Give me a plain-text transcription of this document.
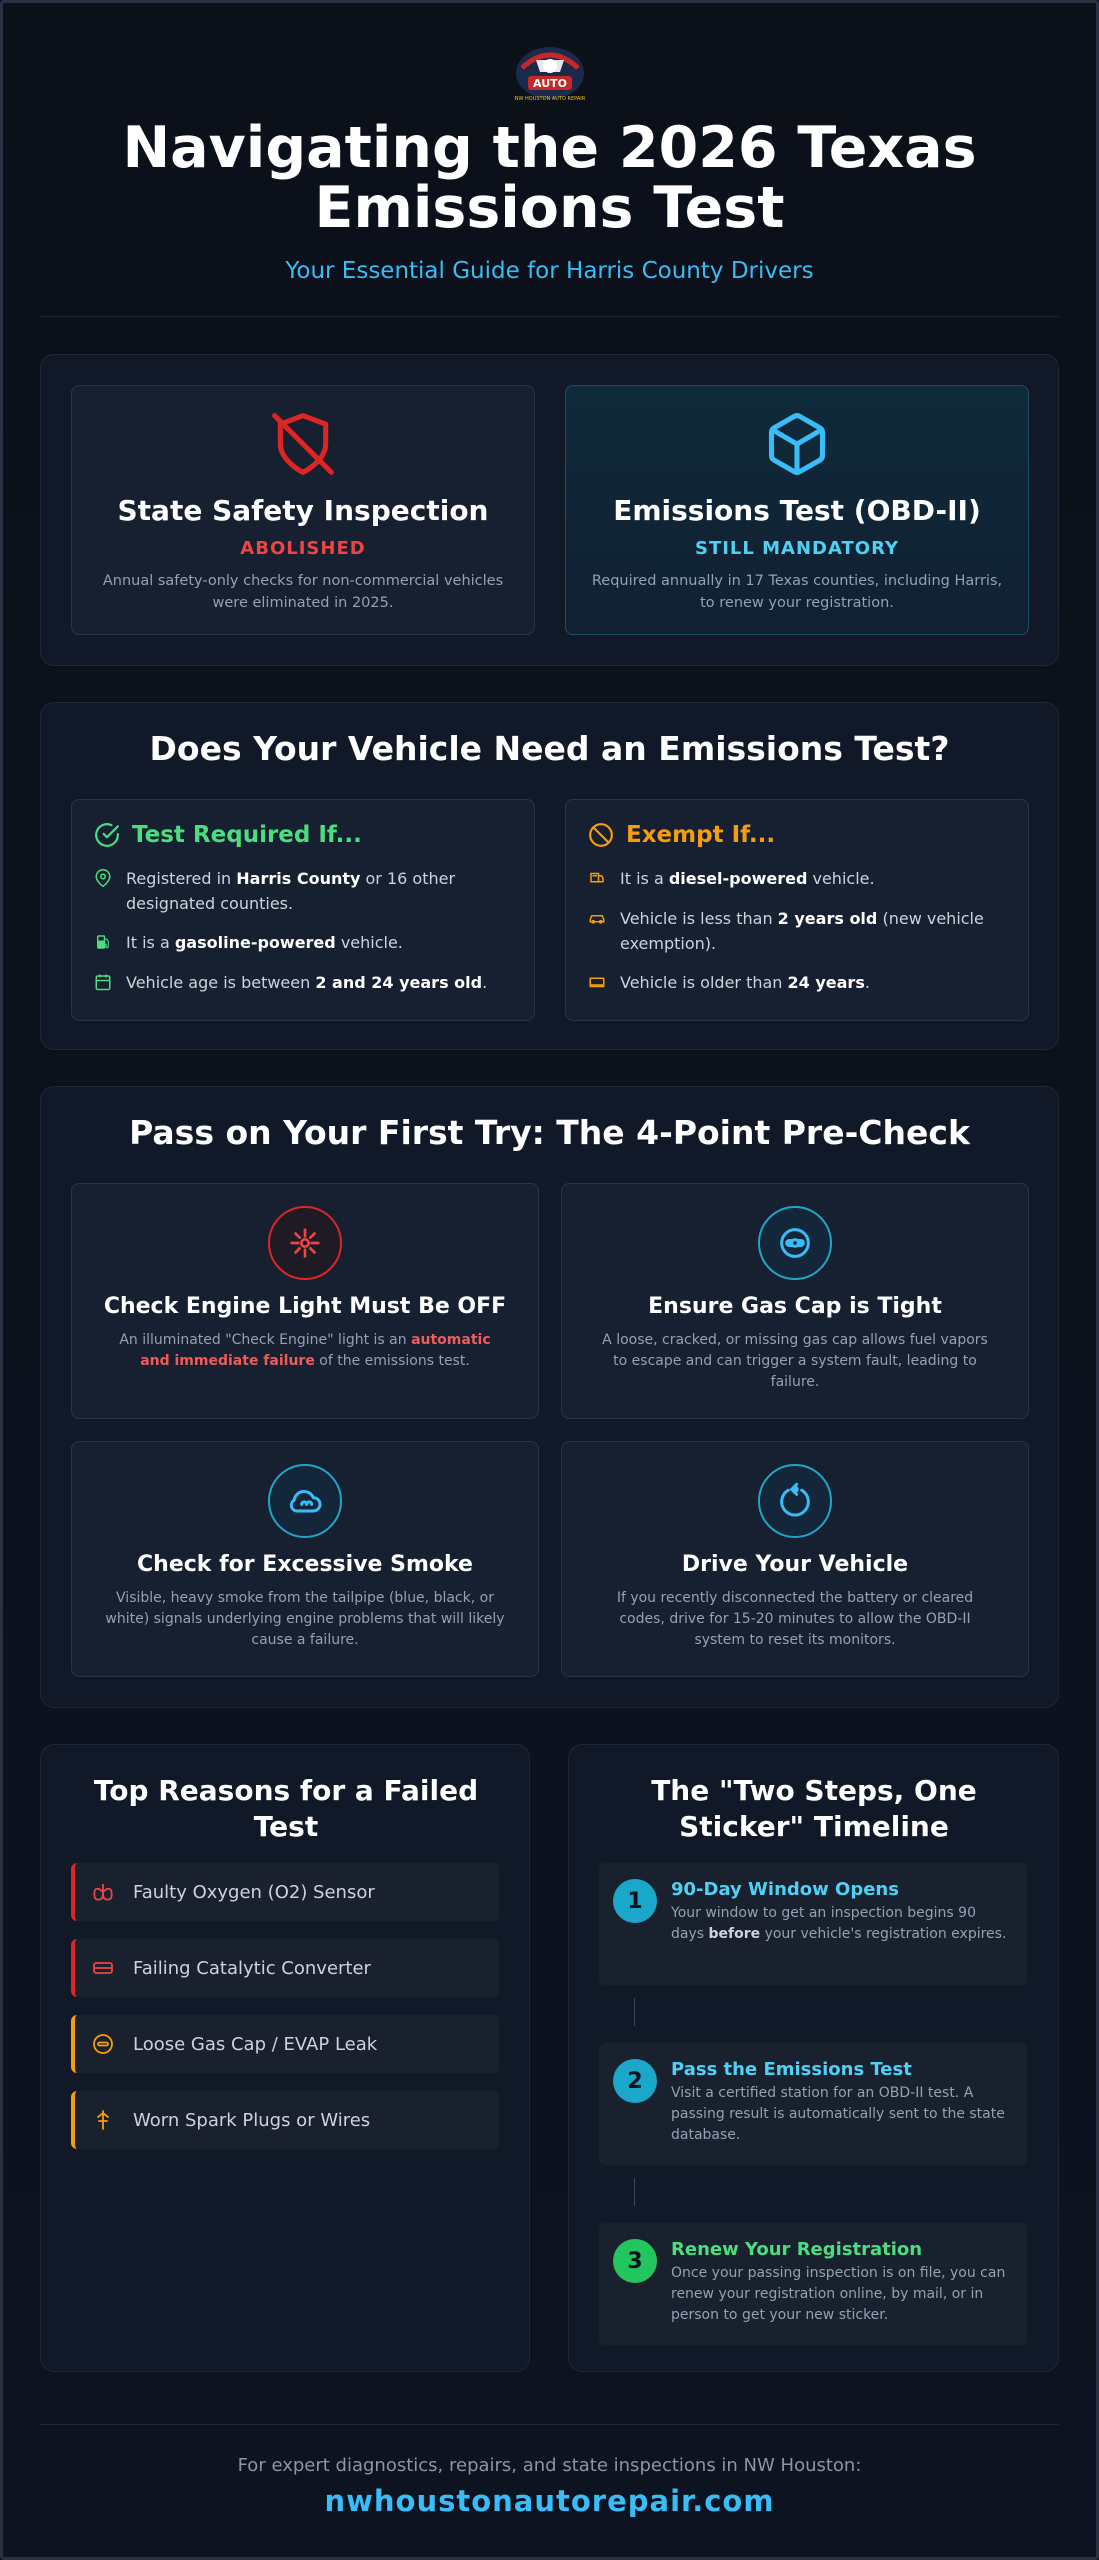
AUTO
NW HOUSTON AUTO REPAIR
Navigating the 2026 Texas Emissions Test
Your Essential Guide for Harris County Drivers
State Safety Inspection
ABOLISHED
Annual safety-only checks for non-commercial vehicles were eliminated in 2025.
Emissions Test (OBD-II)
STILL MANDATORY
Required annually in 17 Texas counties, including Harris, to renew your registration.
Does Your Vehicle Need an Emissions Test?
Test Required If...
Registered in Harris County or 16 other designated counties.
It is a gasoline-powered vehicle.
Vehicle age is between 2 and 24 years old.
Exempt If...
It is a diesel-powered vehicle.
Vehicle is less than 2 years old (new vehicle exemption).
Vehicle is older than 24 years.
Pass on Your First Try: The 4-Point Pre-Check
Check Engine Light Must Be OFF
An illuminated "Check Engine" light is an automatic and immediate failure of the emissions test.
Ensure Gas Cap is Tight
A loose, cracked, or missing gas cap allows fuel vapors to escape and can trigger a system fault, leading to failure.
Check for Excessive Smoke
Visible, heavy smoke from the tailpipe (blue, black, or white) signals underlying engine problems that will likely cause a failure.
Drive Your Vehicle
If you recently disconnected the battery or cleared codes, drive for 15-20 minutes to allow the OBD-II system to reset its monitors.
Top Reasons for a Failed Test
Faulty Oxygen (O2) Sensor
Failing Catalytic Converter
Loose Gas Cap / EVAP Leak
Worn Spark Plugs or Wires
The "Two Steps, One Sticker" Timeline
1	90-Day Window Opens
Your window to get an inspection begins 90 days before your vehicle's registration expires.
2	Pass the Emissions Test
Visit a certified station for an OBD-II test. A passing result is automatically sent to the state database.
3	Renew Your Registration
Once your passing inspection is on file, you can renew your registration online, by mail, or in person to get your new sticker.
For expert diagnostics, repairs, and state inspections in NW Houston:
nwhoustonautorepair.com
